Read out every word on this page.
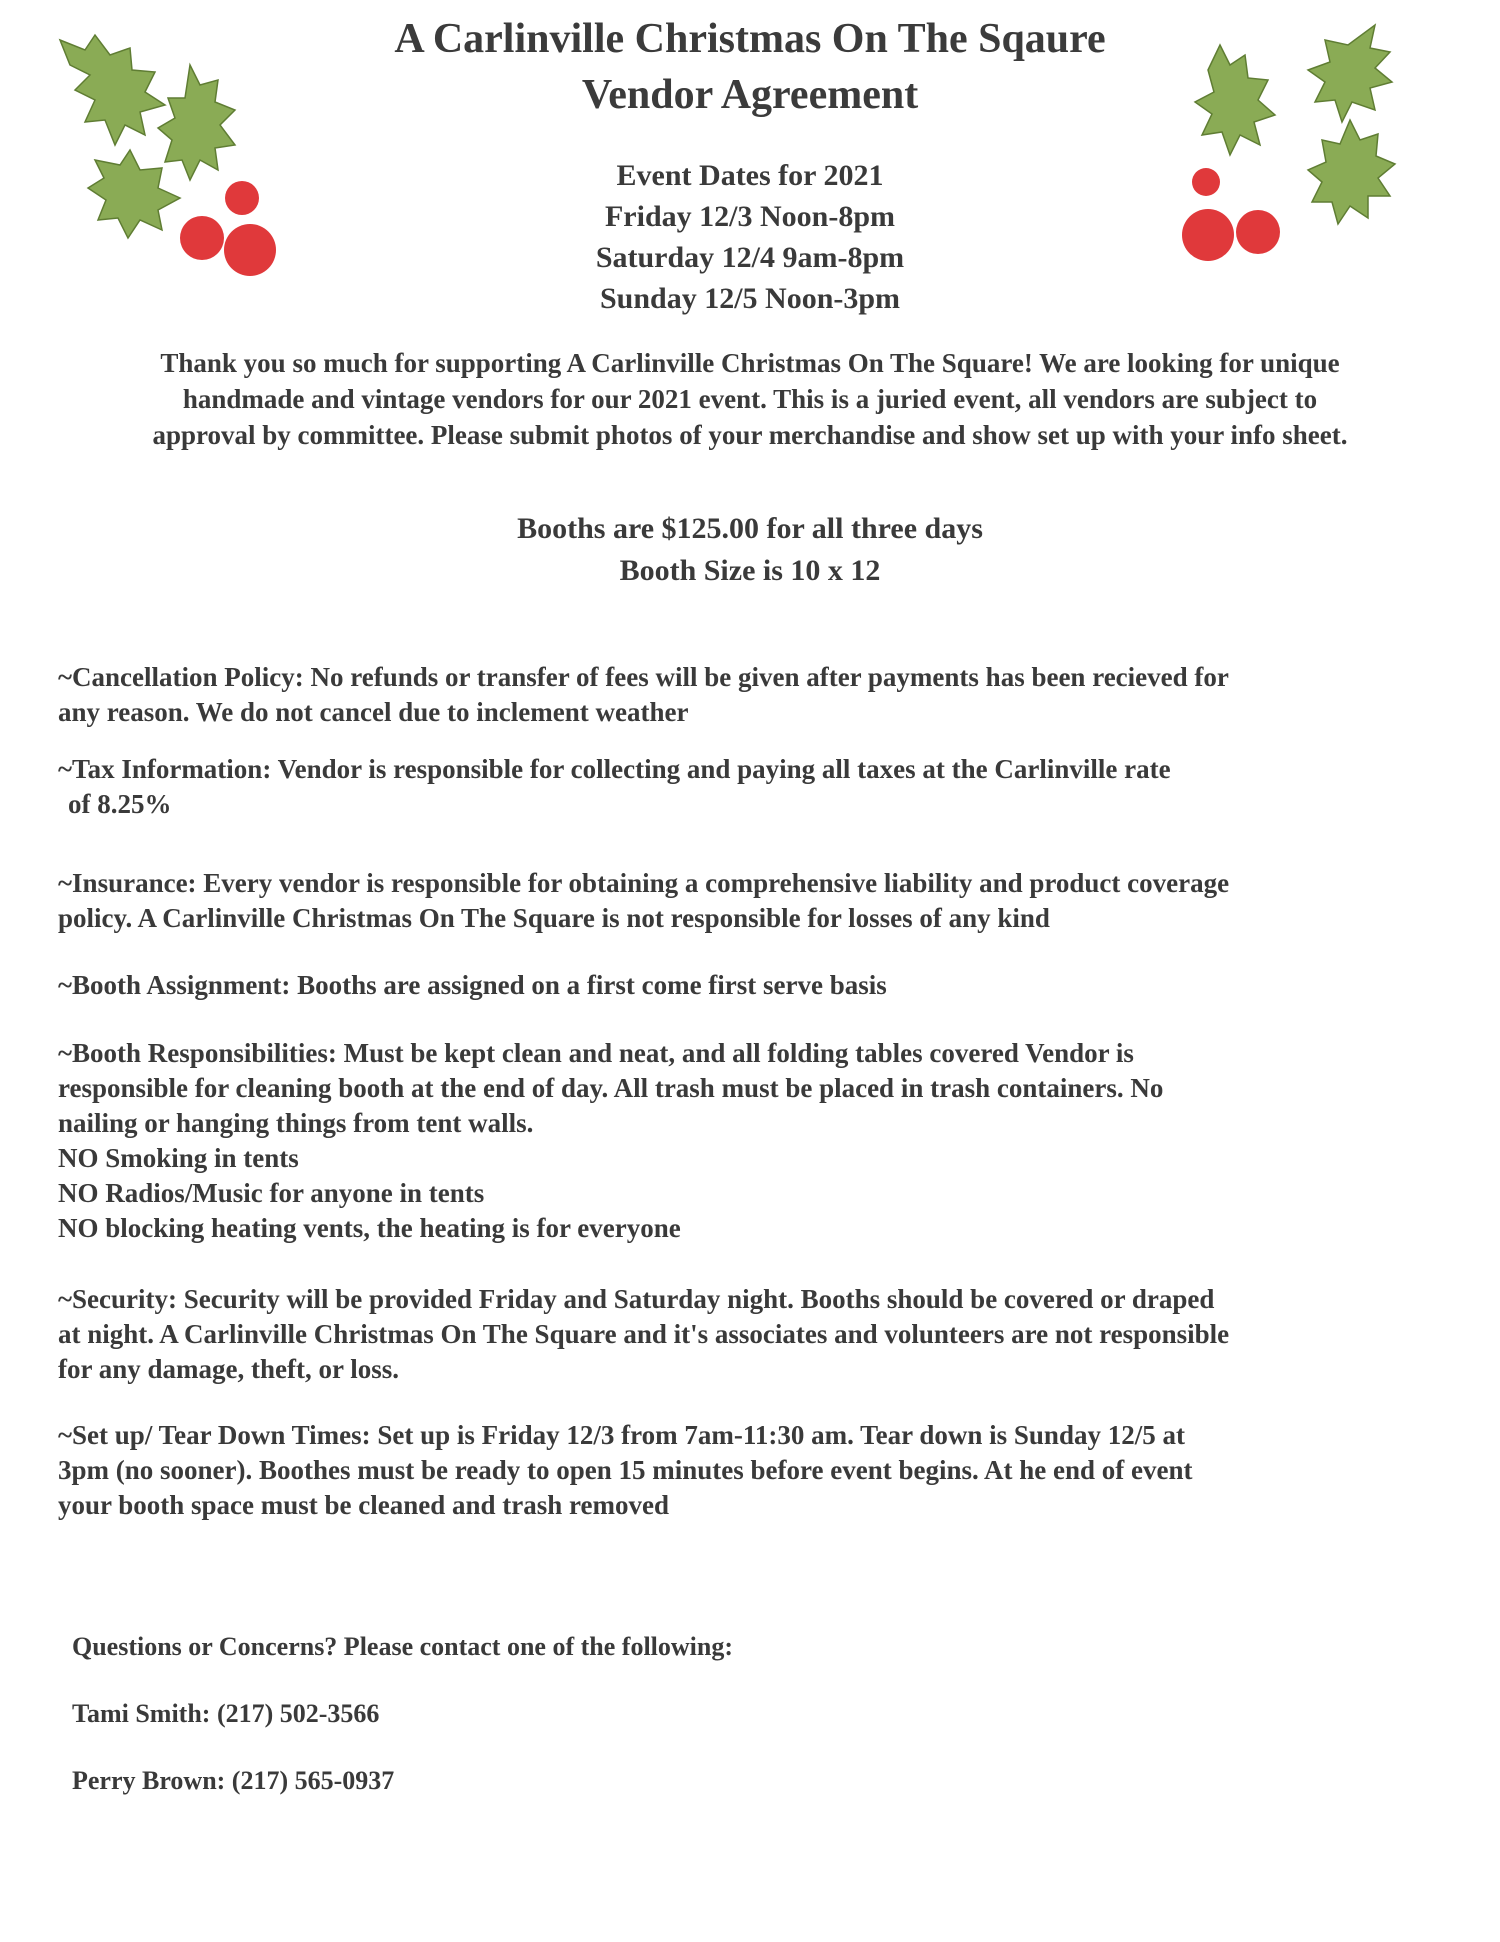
A Carlinville Christmas On The Sqaure
Vendor Agreement
Event Dates for 2021
Friday 12/3 Noon-8pm
Saturday 12/4 9am-8pm
Sunday 12/5 Noon-3pm
Thank you so much for supporting A Carlinville Christmas On The Square! We are looking for unique
handmade and vintage vendors for our 2021 event. This is a juried event, all vendors are subject to
approval by committee. Please submit photos of your merchandise and show set up with your info sheet.
Booths are $125.00 for all three days
Booth Size is 10 x 12
~Cancellation Policy: No refunds or transfer of fees will be given after payments has been recieved for
any reason. We do not cancel due to inclement weather
~Tax Information: Vendor is responsible for collecting and paying all taxes at the Carlinville rate
of 8.25%
~Insurance: Every vendor is responsible for obtaining a comprehensive liability and product coverage
policy. A Carlinville Christmas On The Square is not responsible for losses of any kind
~Booth Assignment: Booths are assigned on a first come first serve basis
~Booth Responsibilities: Must be kept clean and neat, and all folding tables covered Vendor is
responsible for cleaning booth at the end of day. All trash must be placed in trash containers. No
nailing or hanging things from tent walls.
NO Smoking in tents
NO Radios/Music for anyone in tents
NO blocking heating vents, the heating is for everyone
~Security: Security will be provided Friday and Saturday night. Booths should be covered or draped
at night. A Carlinville Christmas On The Square and it's associates and volunteers are not responsible
for any damage, theft, or loss.
~Set up/ Tear Down Times: Set up is Friday 12/3 from 7am-11:30 am. Tear down is Sunday 12/5 at
3pm (no sooner). Boothes must be ready to open 15 minutes before event begins. At he end of event
your booth space must be cleaned and trash removed
Questions or Concerns? Please contact one of the following:
Tami Smith: (217) 502-3566
Perry Brown: (217) 565-0937
